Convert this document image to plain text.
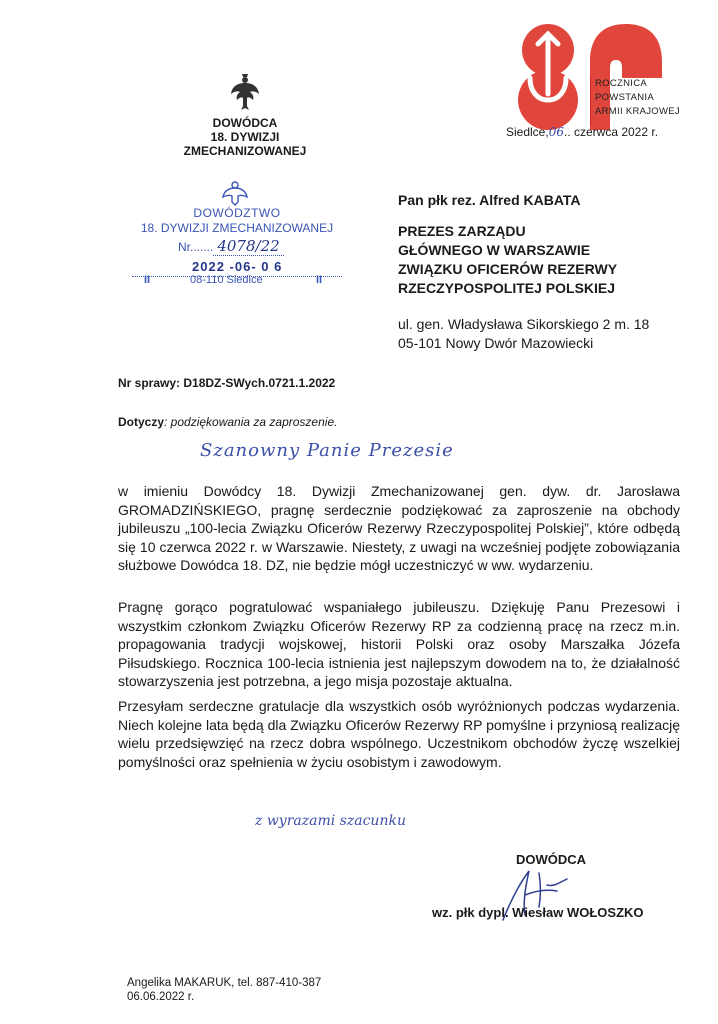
DOWÓDCA
18. DYWIZJI ZMECHANIZOWANEJ
ROCZNICA
POWSTANIA
ARMII KRAJOWEJ
Siedlce,06.. czerwca 2022 r.
DOWÓDZTWO
18. DYWIZJI ZMECHANIZOWANEJ
Nr....... 4078/22
2022 -06- 0 6
II	08-110 Siedlce	II
Pan płk rez. Alfred KABATA
PREZES ZARZĄDU
GŁÓWNEGO W WARSZAWIE
ZWIĄZKU OFICERÓW REZERWY
RZECZYPOSPOLITEJ POLSKIEJ
ul. gen. Władysława Sikorskiego 2 m. 18
05-101 Nowy Dwór Mazowiecki
Nr sprawy: D18DZ-SWych.0721.1.2022
Dotyczy: podziękowania za zaproszenie.
Szanowny Panie Prezesie
w imieniu Dowódcy 18. Dywizji Zmechanizowanej gen. dyw. dr. Jarosława GROMADZIŃSKIEGO, pragnę serdecznie podziękować za zaproszenie na obchody jubileuszu „100-lecia Związku Oficerów Rezerwy Rzeczypospolitej Polskiej”, które odbędą się 10 czerwca 2022 r. w Warszawie. Niestety, z uwagi na wcześniej podjęte zobowiązania służbowe Dowódca 18. DZ, nie będzie mógł uczestniczyć w ww. wydarzeniu.
Pragnę gorąco pogratulować wspaniałego jubileuszu. Dziękuję Panu Prezesowi i wszystkim członkom Związku Oficerów Rezerwy RP za codzienną pracę na rzecz m.in. propagowania tradycji wojskowej, historii Polski oraz osoby Marszałka Józefa Piłsudskiego. Rocznica 100-lecia istnienia jest najlepszym dowodem na to, że działalność stowarzyszenia jest potrzebna, a jego misja pozostaje aktualna.
Przesyłam serdeczne gratulacje dla wszystkich osób wyróżnionych podczas wydarzenia. Niech kolejne lata będą dla Związku Oficerów Rezerwy RP pomyślne i przyniosą realizację wielu przedsięwzięć na rzecz dobra wspólnego. Uczestnikom obchodów życzę wszelkiej pomyślności oraz spełnienia w życiu osobistym i zawodowym.
z wyrazami szacunku
DOWÓDCA
wz. płk dypl. Wiesław WOŁOSZKO
Angelika MAKARUK, tel. 887-410-387
06.06.2022 r.
